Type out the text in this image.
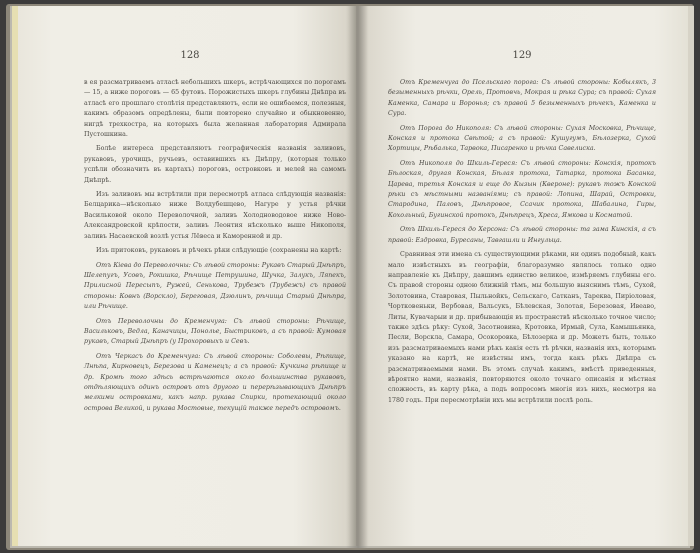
128

в ея разсматриваемъ атласѣ небольшихъ шкеръ, встрѣчающихся по порогамъ — 15, а ниже пороговъ — 65 футовъ. Порожистыхъ шкеръ глубины Днѣпра въ атласѣ его прошлаго столѣтія представляютъ, если не ошибаемся, полезныя, какимъ образомъ опредѣлены, были повторено случайно и обыкновенно, нигдѣ трехкостра, на которыхъ была желанная лаборатория Адмирала Пустошкина.

Болѣе интереса представляютъ географическія названія заливовъ, рукавовъ, урочищъ, ручьевъ, оставившихъ къ Днѣпру, (которыя только успѣли обозначить въ картахъ) пороговъ, островковъ и мелей на самомъ Днѣпрѣ.

Изъ заливовъ мы встрѣтили при пересмотрѣ атласа слѣдующія названія: Белцарика—нѣсколько ниже Волдубешцево, Нагуре у устья рѣчки Васильковой около Переволочной, заливъ Холодноводовое ниже Ново-Александровской крѣпости, заливъ Леонтия нѣсколько выше Никополя, заливъ Насаевской возлѣ устья Лёвеса и Каморенной и др.

Изъ притоковъ, рукавовъ и рѣчекъ рѣки слѣдующіе (сохранены на картѣ:

Отъ Кiева до Переволочны: Съ лѣвой стороны: Рукавъ Старый Днѣпръ, Шелепугъ, Усовъ, Рокишка, Рѣчище Петрушина, Шучка, Залукъ, Ляпекъ, Прилисной Пересыпъ, Ружей, Сенькова, Трубежъ (Трубежъ) съ правой стороны: Ковнъ (Ворскло), Береговая, Дзюлинъ, рѣчища Старый Днѣпра, или Рѣчище.

Отъ Переволочны до Кременчуга: Съ лѣвой стороны: Рѣчище, Васильковъ, Ведла, Каначицы, Понолье, Быстриковъ, а съ правой: Кумовая рукавъ, Старый Днѣпръ (у Прохоровыхъ и Севъ.

Отъ Черкасъ до Кременчуга: Съ лѣвой стороны: Соболевы, Рѣпище, Лнѣпа, Кирновецъ, Березова и Каменецъ; а съ правой: Кучкина рѣпище и др. Кромѣ того здѣсь встрѣчаются около большинства рукавовъ, отдѣляющихъ одинъ островъ отъ другого и перерѣзывающихъ Днѣпръ мелкими островками, какъ напр. рукава Спирки, протекающий около острова Великой, и рукава Мостовые, текущій также передъ островомъ.

129

Отъ Кременчуга до Псельскаго порога: Съ лѣвой стороны: Кобылякъ, 3 безыменныхъ рѣчки, Орель, Протовчь, Мокрая и рѣка Сура; съ правой: Сухая Каменка, Самара и Воронья; съ правой 5 безыменныхъ рѣчекъ, Каменка и Сура.

Отъ Порога до Никополя: Съ лѣвой стороны: Сухая Московка, Рѣчище, Конская и протока Свѣтой; а съ правой: Кушугумъ, Бѣлозерка, Сухой Хортицы, Рѣбалька, Тарвока, Писаренко и рѣчка Савелиска.

Отъ Никополя до Шкиль-Гереся: Съ лѣвой стороны: Конскія, протокъ Бѣлоская, другая Конская, Бѣлая протока, Татарка, протока Басанка, Царева, третья Конская и еще до Кызын (Квероне): рукавъ тожъ Конской рѣки съ мѣстными названiями; съ правой: Лопина, Шарай, Островки, Стародина, Паловъ, Днѣпровое, Ссачик протока, Шабалина, Гиры, Кохольный, Бугинской протокъ, Днѣпрецъ, Хреса, Ямкова и Косматой.

Отъ Шкиль-Гереся до Херсона: Съ лѣвой стороны: та зама Кинскія, а съ правой: Ездровка, Буресаны, Тавгашли и Ингульца.

Сравнивая эти имена съ существующими рѣками, ни одинъ подобный, какъ мало извѣстныхъ въ географіи, благоразумно являлось только одно направленіе къ Днѣпру, давшимъ единство великое, измѣряемъ глубины его. Съ правой стороны одною ближній тѣмъ, мы большую выяснимъ тѣмъ, Сухой, Золотовина, Ставровая, Пыльнойкъ, Сельскаго, Сатканъ, Тареква, Пиріоловая, Чортковеньки, Вербовая, Вальсукъ, Бѣлевская, Золотая, Березовая, Ивеаво, Литы, Кувачарыи и др. прибывающія въ пространствѣ нѣсколько точное число; также здѣсь рѣку: Сухой, Засотновина, Кротовка, Ирмый, Сула, Камышьянка, Песли, Ворскла, Самара, Осокоровка, Бѣлозерка и др. Можетъ быть, только изъ разсматриваемыхъ нами рѣкъ какія есть тѣ рѣчки, названія ихъ, которымъ указано на картѣ, не извѣстны имъ, тогда какъ рѣкъ Днѣпра съ разсматриваемыми нами. Въ этомъ случаѣ какимъ, вмѣстѣ приведенныя, вѣроятно нами, названія, повторяются около точнаго описанія и мѣстная сложность, въ карту рѣка, а подъ вопросомъ многія изъ нихъ, несмотря на 1780 годъ. При пересмотрѣніи ихъ мы встрѣтили послѣ роль.
